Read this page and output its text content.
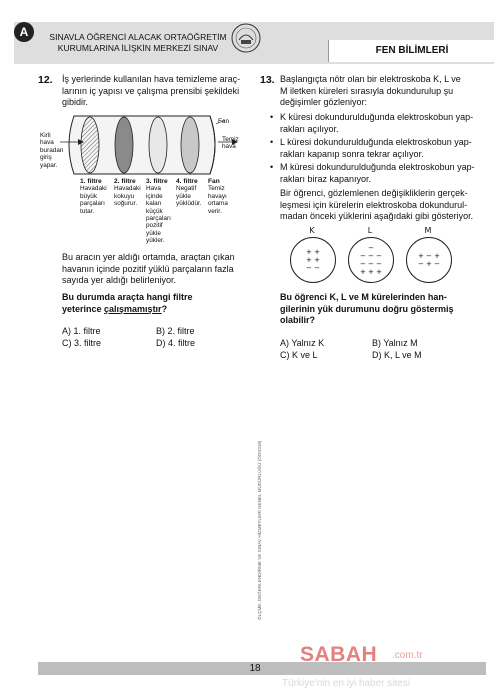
A	SINAVLA ÖĞRENCİ ALACAK ORTAÖĞRETİM
KURUMLARINA İLİŞKİN MERKEZİ SINAV	FEN BİLİMLERİ
12. İş yerlerinde kullanılan hava temizleme araç-
larının iç yapısı ve çalışma prensibi şekildeki
gibidir.
Kirli
hava
buradan
giriş
yapar.
Fan
Temiz
hava
1. filtre
Havadaki
büyük
parçaları
tutar.
2. filtre
Havadaki
kokuyu
soğurur.
3. filtre
Hava
içinde
kalan
küçük
parçaları
pozitif
yükle
yükler.
4. filtre
Negatif
yükle
yüklüdür.
Fan
Temiz
havayı
ortama
verir.
Bu aracın yer aldığı ortamda, araçtan çıkan
havanın içinde pozitif yüklü parçaların fazla
sayıda yer aldığı belirleniyor.
Bu durumda araçta hangi filtre
yeterince çalışmamıştır?
A) 1. filtre	B) 2. filtre
C) 3. filtre	D) 4. filtre
ÖLÇME, DEĞERLENDİRME VE SINAV HİZMETLERİ GENEL MÜDÜRLÜĞÜ (ÖDSGM)
13. Başlangıçta nötr olan bir elektroskoba K, L ve
M iletken küreleri sırasıyla dokundurulup şu
değişimler gözleniyor:
• K küresi dokundurulduğunda elektroskobun yap-
rakları açılıyor.
• L küresi dokundurulduğunda elektroskobun yap-
rakları kapanıp sonra tekrar açılıyor.
• M küresi dokundurulduğunda elektroskobun yap-
rakları biraz kapanıyor.
Bir öğrenci, gözlemlenen değişikliklerin gerçek-
leşmesi için kürelerin elektroskoba dokundurul-
madan önceki yüklerini aşağıdaki gibi gösteriyor.
K
+ +
+ +
− −
L
−
− − −
− − −
+ + +
M
+ − +
− + −
Bu öğrenci K, L ve M kürelerinden han-
gilerinin yük durumunu doğru göstermiş
olabilir?
A) Yalnız K	B) Yalnız M
C) K ve L	D) K, L ve M
18
SABAH .com.tr
Türkiye'nin en iyi haber sitesi
